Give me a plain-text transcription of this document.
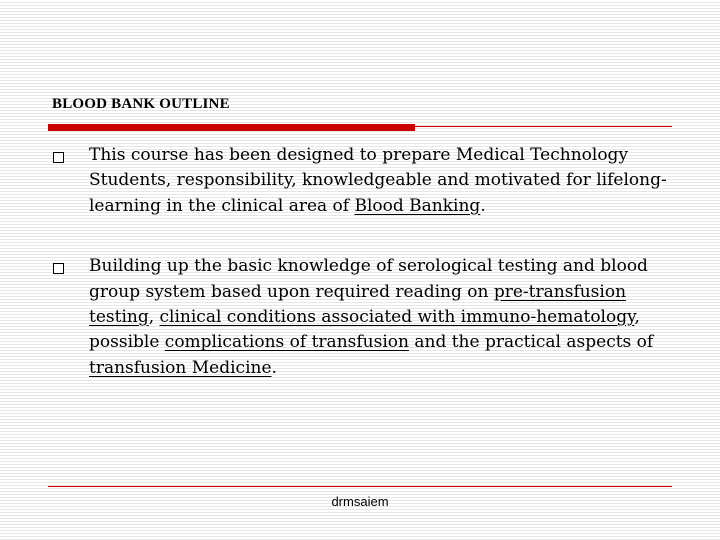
BLOOD BANK OUTLINE
This course has been designed to prepare Medical Technology Students, responsibility, knowledgeable and motivated for lifelong-learning in the clinical area of Blood Banking.
Building up the basic knowledge of serological testing and blood group system based upon required reading on pre-transfusion testing, clinical conditions associated with immuno-hematology, possible complications of transfusion and the practical aspects of transfusion Medicine.
drmsaiem
